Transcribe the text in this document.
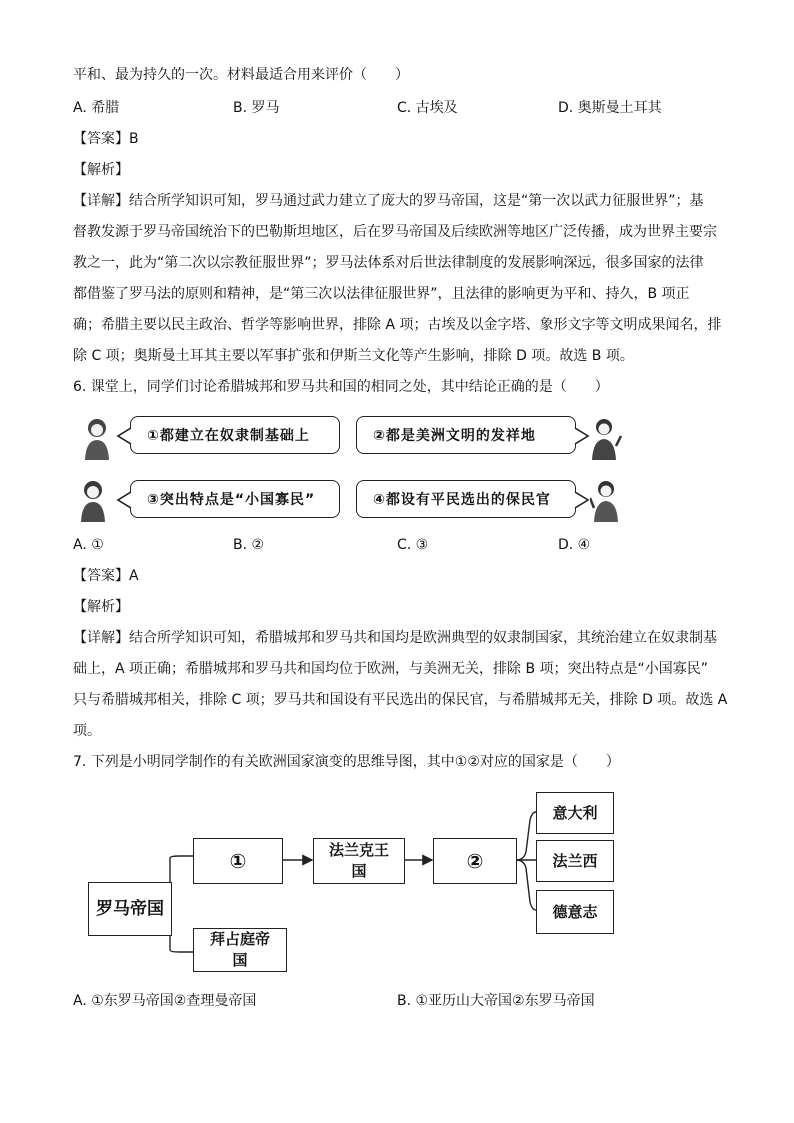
平和、最为持久的一次。材料最适合用来评价（　　）
A. 希腊	B. 罗马	C. 古埃及	D. 奥斯曼土耳其
【答案】B
【解析】
【详解】结合所学知识可知，罗马通过武力建立了庞大的罗马帝国，这是“第一次以武力征服世界”；基
督教发源于罗马帝国统治下的巴勒斯坦地区，后在罗马帝国及后续欧洲等地区广泛传播，成为世界主要宗
教之一，此为“第二次以宗教征服世界”；罗马法体系对后世法律制度的发展影响深远，很多国家的法律
都借鉴了罗马法的原则和精神，是“第三次以法律征服世界”，且法律的影响更为平和、持久，B 项正
确；希腊主要以民主政治、哲学等影响世界，排除 A 项；古埃及以金字塔、象形文字等文明成果闻名，排
除 C 项；奥斯曼土耳其主要以军事扩张和伊斯兰文化等产生影响，排除 D 项。故选 B 项。
6. 课堂上，同学们讨论希腊城邦和罗马共和国的相同之处，其中结论正确的是（　　）
①都建立在奴隶制基础上	②都是美洲文明的发祥地
③突出特点是“小国寡民”	④都设有平民选出的保民官
A. ①	B. ②	C. ③	D. ④
【答案】A
【解析】
【详解】结合所学知识可知，希腊城邦和罗马共和国均是欧洲典型的奴隶制国家，其统治建立在奴隶制基
础上，A 项正确；希腊城邦和罗马共和国均位于欧洲，与美洲无关，排除 B 项；突出特点是“小国寡民”
只与希腊城邦相关，排除 C 项；罗马共和国设有平民选出的保民官，与希腊城邦无关，排除 D 项。故选 A
项。
7. 下列是小明同学制作的有关欧洲国家演变的思维导图，其中①②对应的国家是（　　）
罗马帝国
①
拜占庭帝国
法兰克王国	②
意大利
法兰西
德意志
A. ①东罗马帝国②查理曼帝国	B. ①亚历山大帝国②东罗马帝国
